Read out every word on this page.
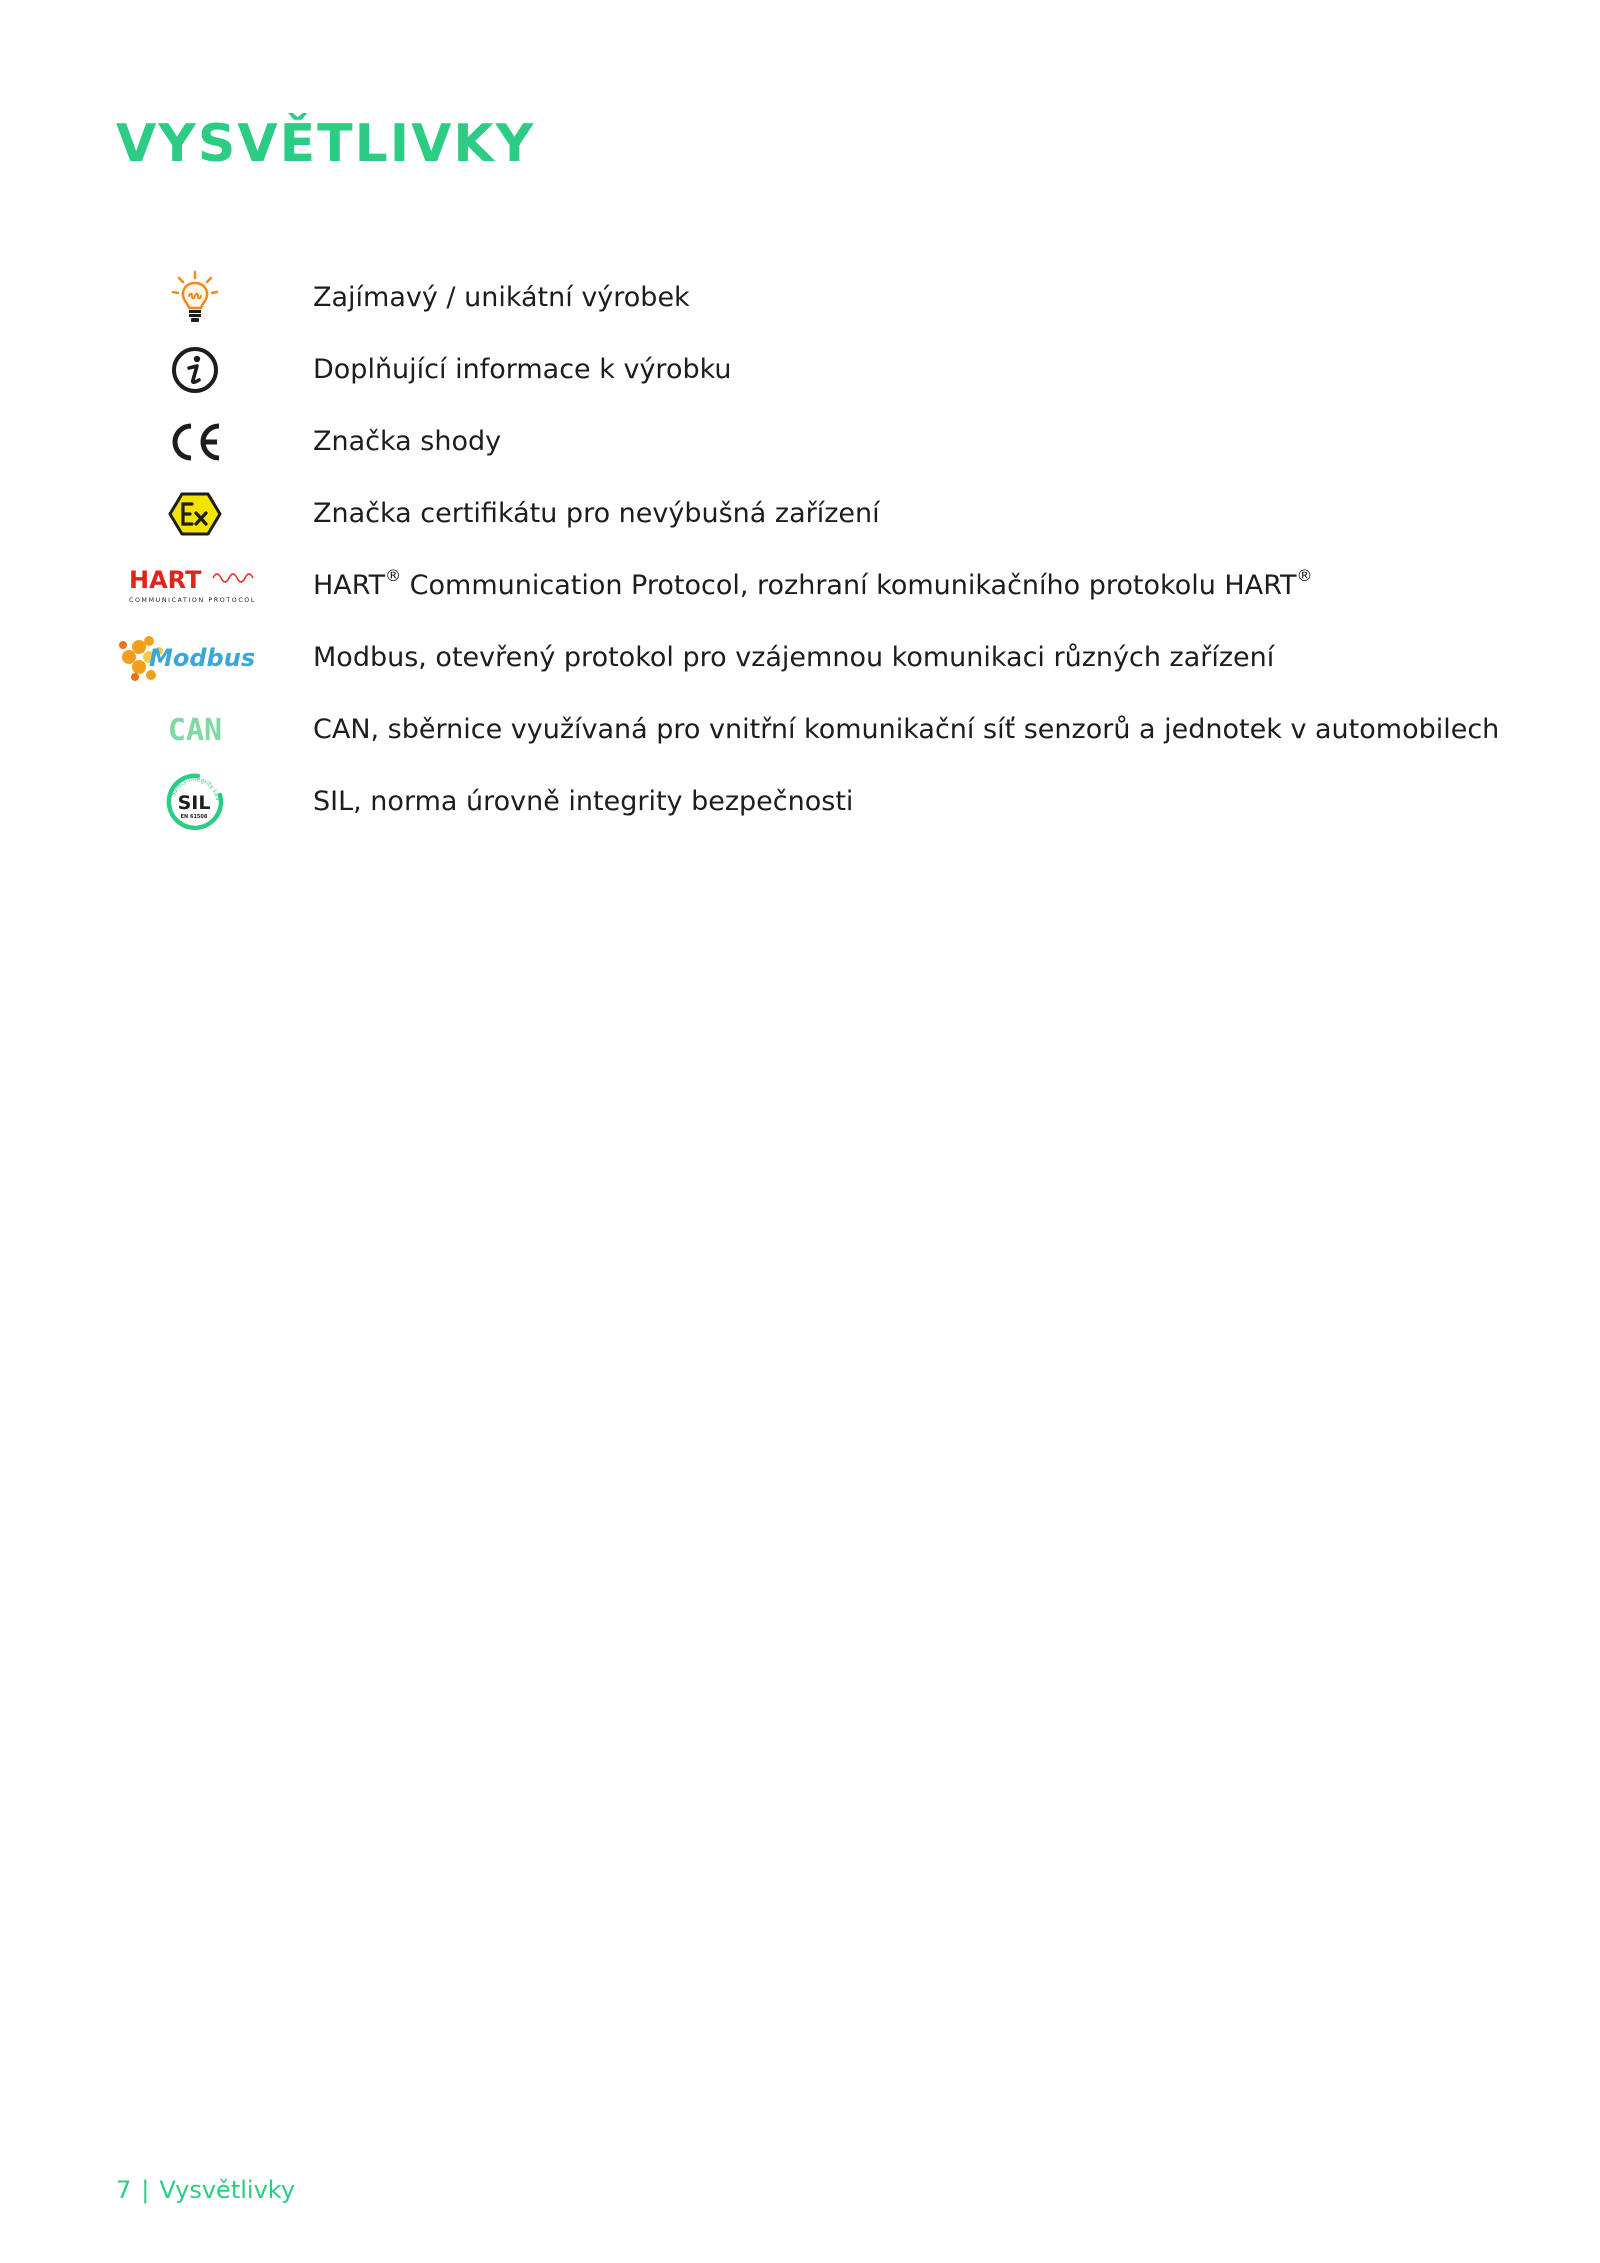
VYSVĚTLIVKY
Zajímavý / unikátní výrobek
Doplňující informace k výrobku
Značka shody
Značka certifikátu pro nevýbušná zařízení
HART
COMMUNICATION PROTOCOL HART® Communication Protocol, rozhraní komunikačního protokolu HART®
Modbus Modbus, otevřený protokol pro vzájemnou komunikaci různých zařízení
CAN	CAN, sběrnice využívaná pro vnitřní komunikační síť senzorů a jednotek v automobilech
Safety Integrity Lev
SIL
EN 61508	SIL, norma úrovně integrity bezpečnosti
7 | Vysvětlivky
